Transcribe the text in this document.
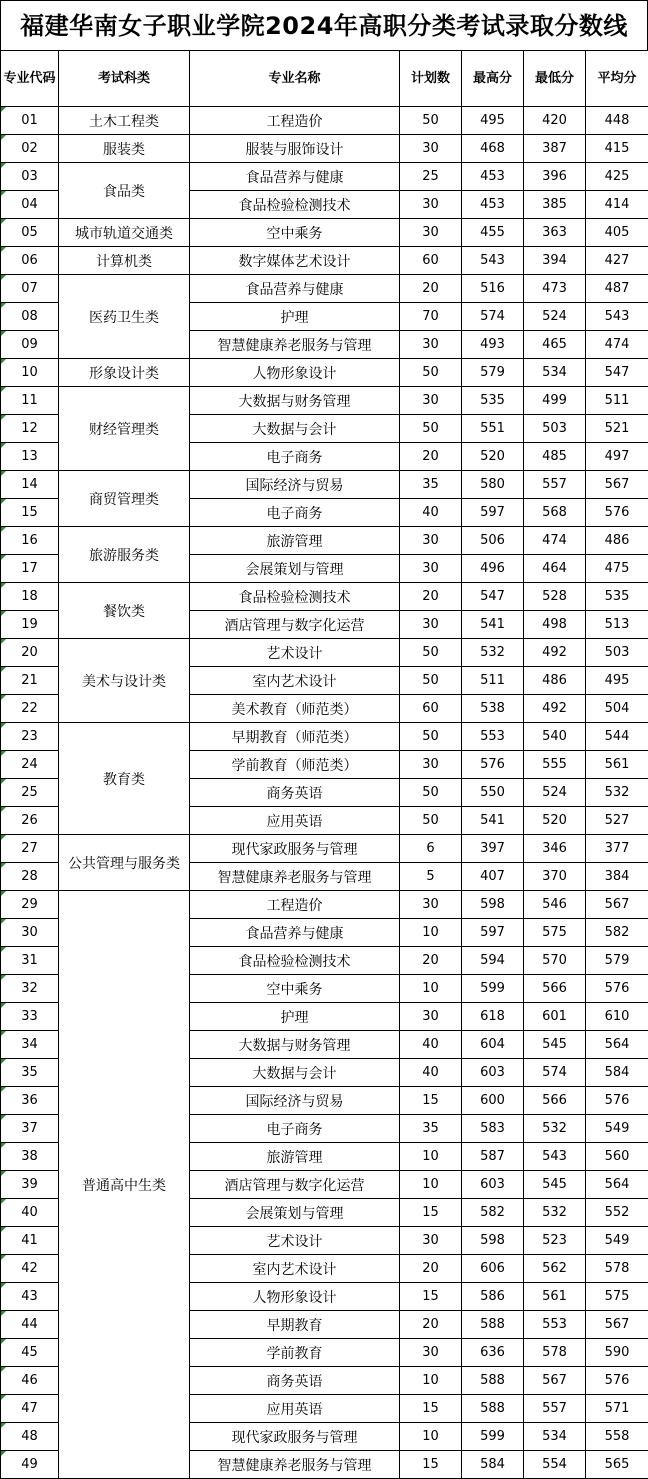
福建华南女子职业学院2024年高职分类考试录取分数线
专业代码	考试科类	专业名称	计划数	最高分	最低分	平均分
01	土木工程类	工程造价	50	495	420	448
02	服装类	服装与服饰设计	30	468	387	415
03	食品类	食品营养与健康	25	453	396	425
04		食品检验检测技术	30	453	385	414
05	城市轨道交通类	空中乘务	30	455	363	405
06	计算机类	数字媒体艺术设计	60	543	394	427
07	医药卫生类	食品营养与健康	20	516	473	487
08		护理	70	574	524	543
09		智慧健康养老服务与管理	30	493	465	474
10	形象设计类	人物形象设计	50	579	534	547
11	财经管理类	大数据与财务管理	30	535	499	511
12		大数据与会计	50	551	503	521
13		电子商务	20	520	485	497
14	商贸管理类	国际经济与贸易	35	580	557	567
15		电子商务	40	597	568	576
16	旅游服务类	旅游管理	30	506	474	486
17		会展策划与管理	30	496	464	475
18	餐饮类	食品检验检测技术	20	547	528	535
19		酒店管理与数字化运营	30	541	498	513
20	美术与设计类	艺术设计	50	532	492	503
21		室内艺术设计	50	511	486	495
22		美术教育（师范类）	60	538	492	504
23	教育类	早期教育（师范类）	50	553	540	544
24		学前教育（师范类）	30	576	555	561
25		商务英语	50	550	524	532
26		应用英语	50	541	520	527
27	公共管理与服务类	现代家政服务与管理	6	397	346	377
28		智慧健康养老服务与管理	5	407	370	384
29	普通高中生类	工程造价	30	598	546	567
30		食品营养与健康	10	597	575	582
31		食品检验检测技术	20	594	570	579
32		空中乘务	10	599	566	576
33		护理	30	618	601	610
34		大数据与财务管理	40	604	545	564
35		大数据与会计	40	603	574	584
36		国际经济与贸易	15	600	566	576
37		电子商务	35	583	532	549
38		旅游管理	10	587	543	560
39		酒店管理与数字化运营	10	603	545	564
40		会展策划与管理	15	582	532	552
41		艺术设计	30	598	523	549
42		室内艺术设计	20	606	562	578
43		人物形象设计	15	586	561	575
44		早期教育	20	588	553	567
45		学前教育	30	636	578	590
46		商务英语	10	588	567	576
47		应用英语	15	588	557	571
48		现代家政服务与管理	10	599	534	558
49		智慧健康养老服务与管理	15	584	554	565
